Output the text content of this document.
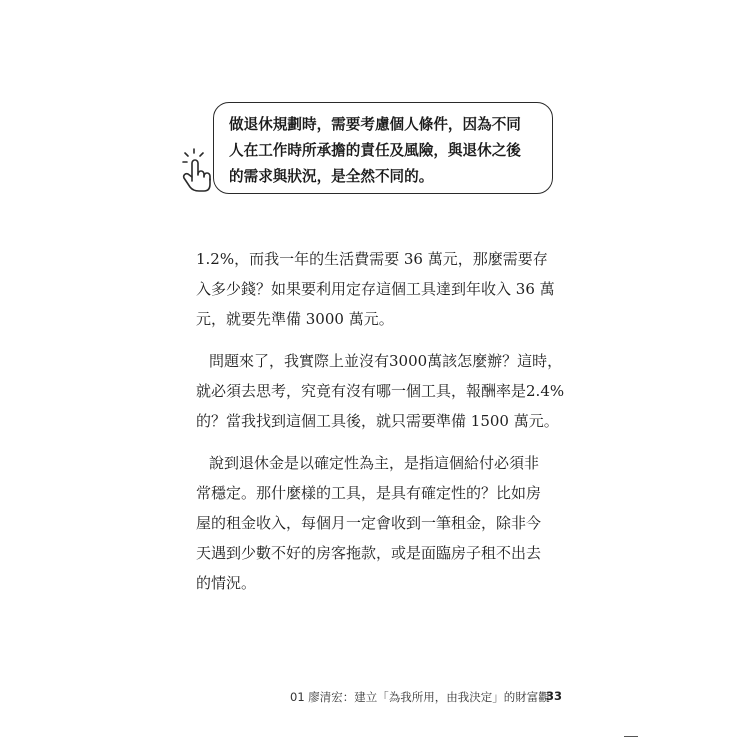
做退休規劃時，需要考慮個人條件，因為不同
人在工作時所承擔的責任及風險，與退休之後
的需求與狀況，是全然不同的。
1.2%，而我一年的生活費需要 36 萬元，那麼需要存
入多少錢？如果要利用定存這個工具達到年收入 36 萬
元，就要先準備 3000 萬元。
問題來了，我實際上並沒有3000萬該怎麼辦？這時，
就必須去思考，究竟有沒有哪一個工具，報酬率是2.4%
的？當我找到這個工具後，就只需要準備 1500 萬元。
說到退休金是以確定性為主，是指這個給付必須非
常穩定。那什麼樣的工具，是具有確定性的？比如房
屋的租金收入，每個月一定會收到一筆租金，除非今
天遇到少數不好的房客拖款，或是面臨房子租不出去
的情況。
01 廖清宏：建立「為我所用，由我決定」的財富觀
33
